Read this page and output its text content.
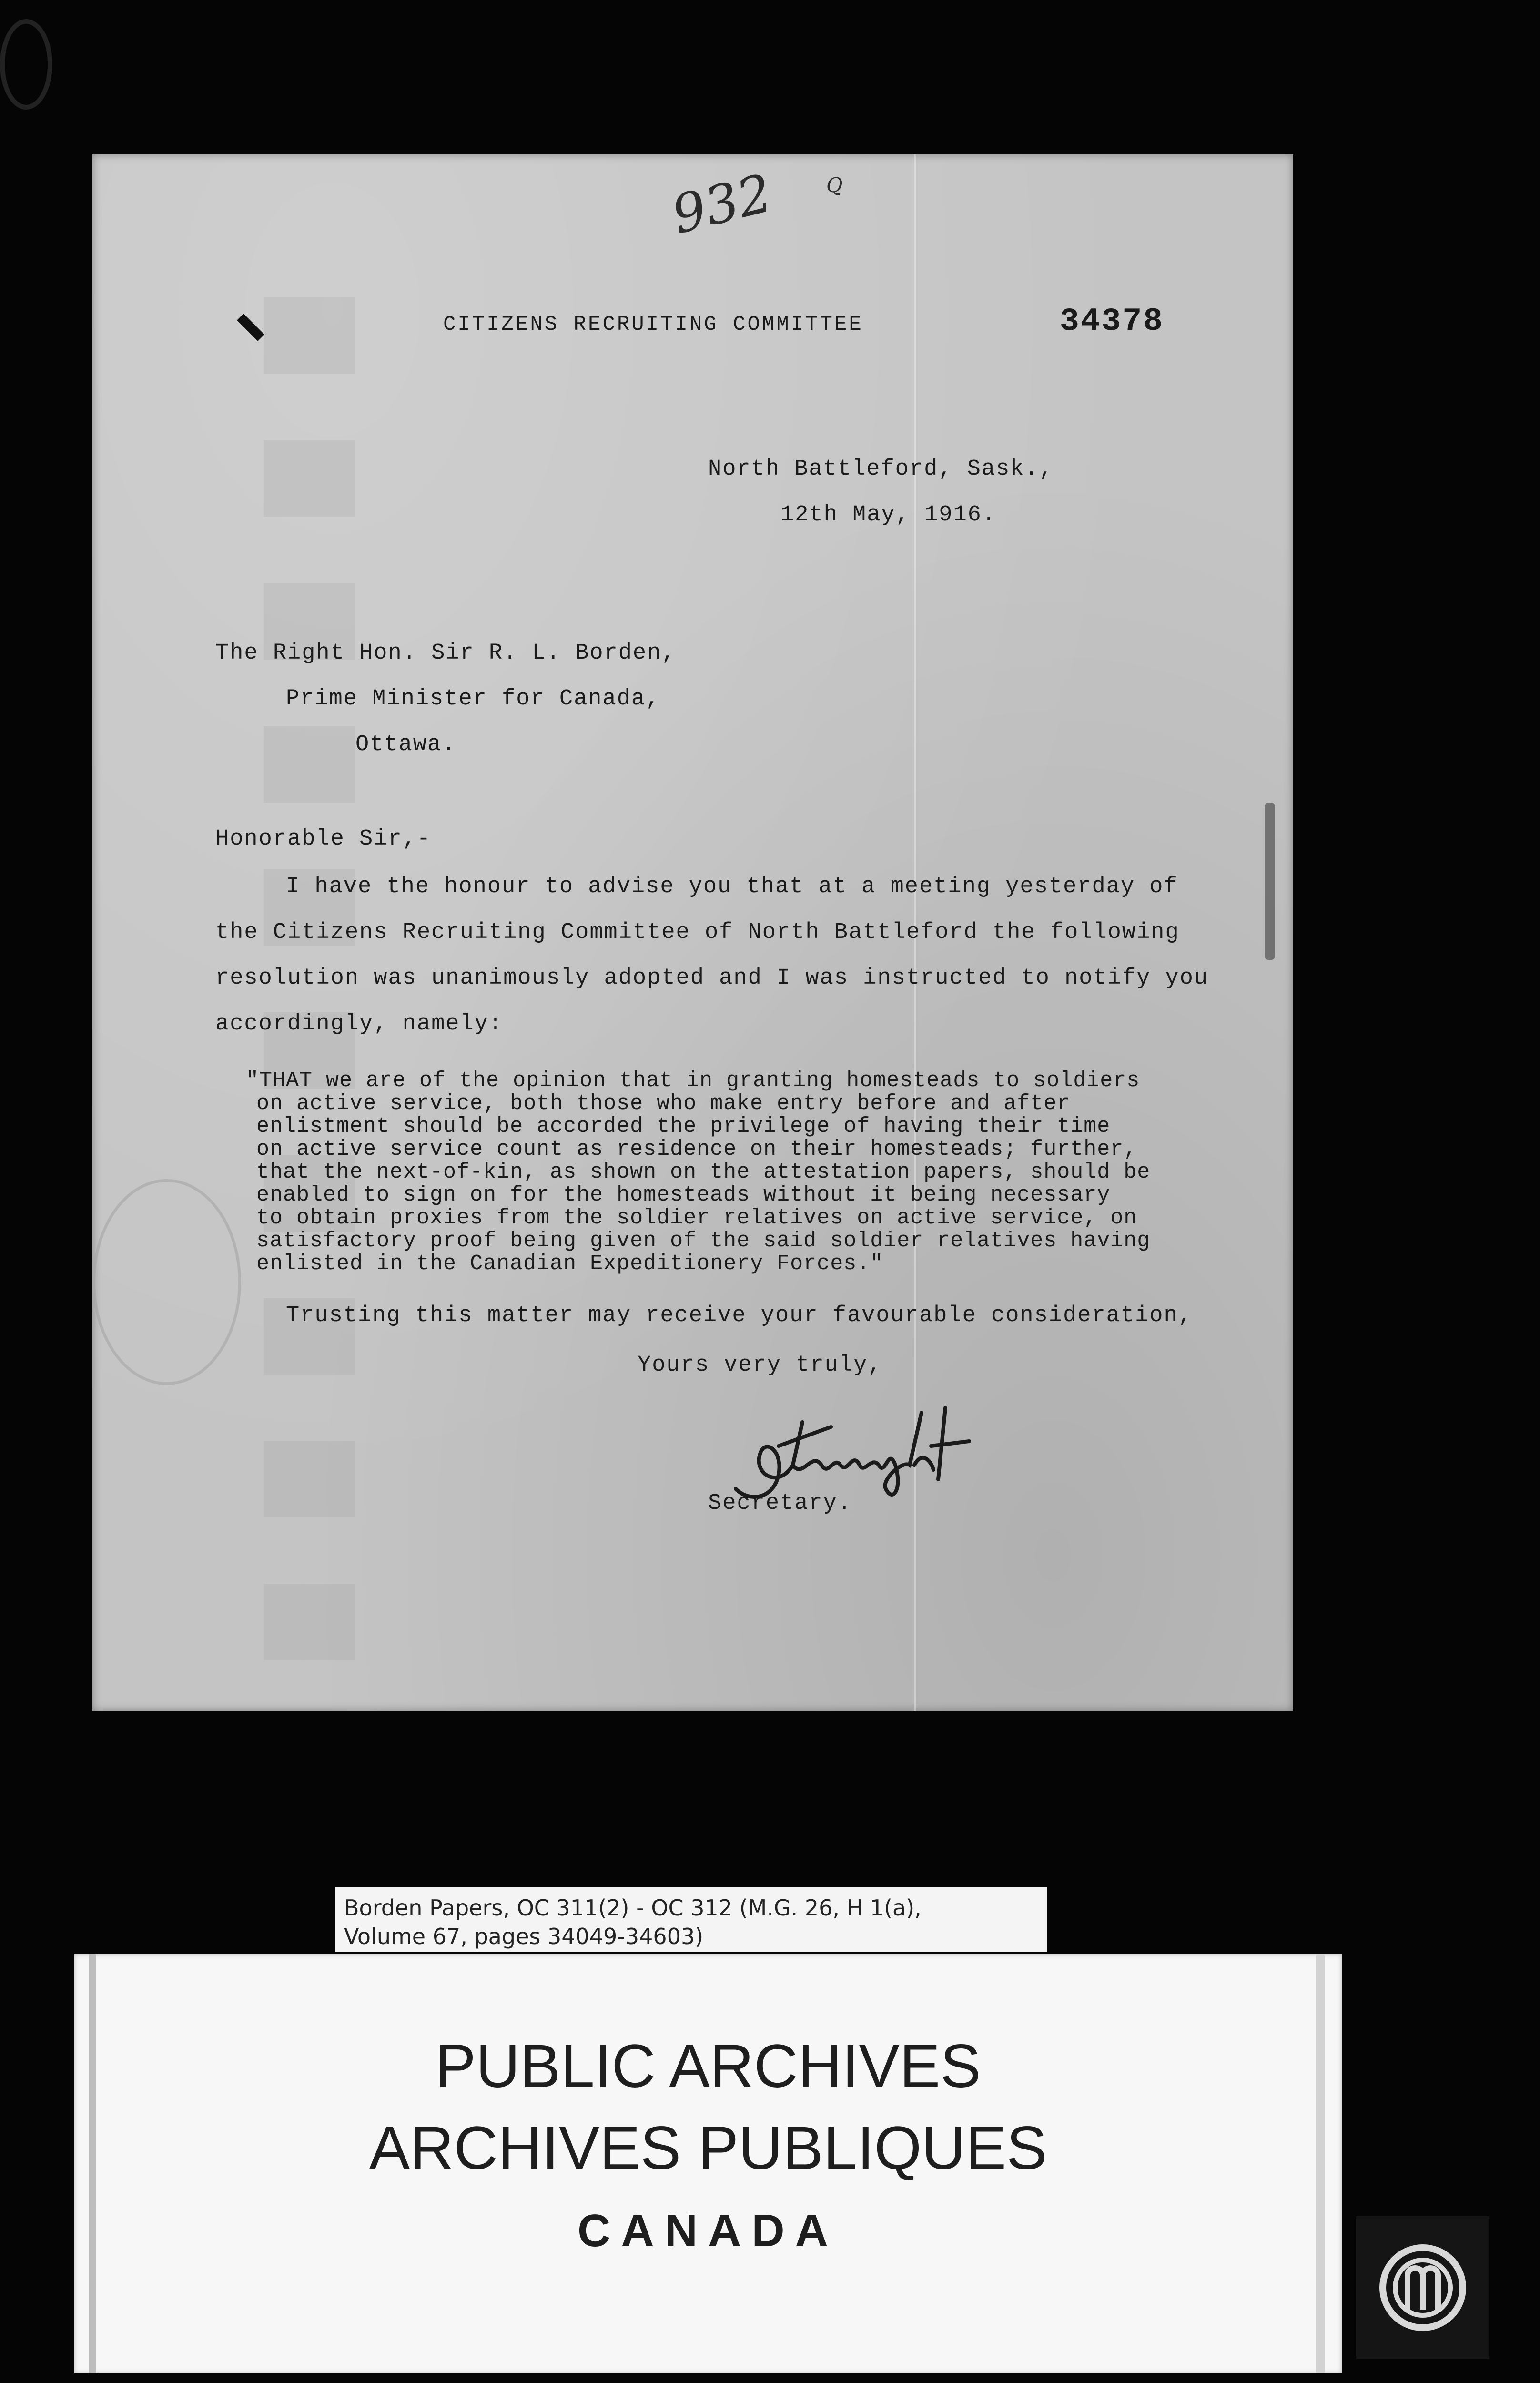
932 Q
CITIZENS RECRUITING COMMITTEE	34378
North Battleford, Sask.,
12th May, 1916.
The Right Hon. Sir R. L. Borden,
Prime Minister for Canada,
Ottawa.
Honorable Sir,-
I have the honour to advise you that at a meeting yesterday of
the Citizens Recruiting Committee of North Battleford the following
resolution was unanimously adopted and I was instructed to notify you
accordingly, namely:
"THAT we are of the opinion that in granting homesteads to soldiers
on active service, both those who make entry before and after
enlistment should be accorded the privilege of having their time
on active service count as residence on their homesteads; further,
that the next-of-kin, as shown on the attestation papers, should be
enabled to sign on for the homesteads without it being necessary
to obtain proxies from the soldier relatives on active service, on
satisfactory proof being given of the said soldier relatives having
enlisted in the Canadian Expeditionery Forces."
Trusting this matter may receive your favourable consideration,
Yours very truly,
Secretary.
Borden Papers, OC 311(2) - OC 312 (M.G. 26, H 1(a),
Volume 67, pages 34049-34603)
PUBLIC ARCHIVES
ARCHIVES PUBLIQUES
CANADA
